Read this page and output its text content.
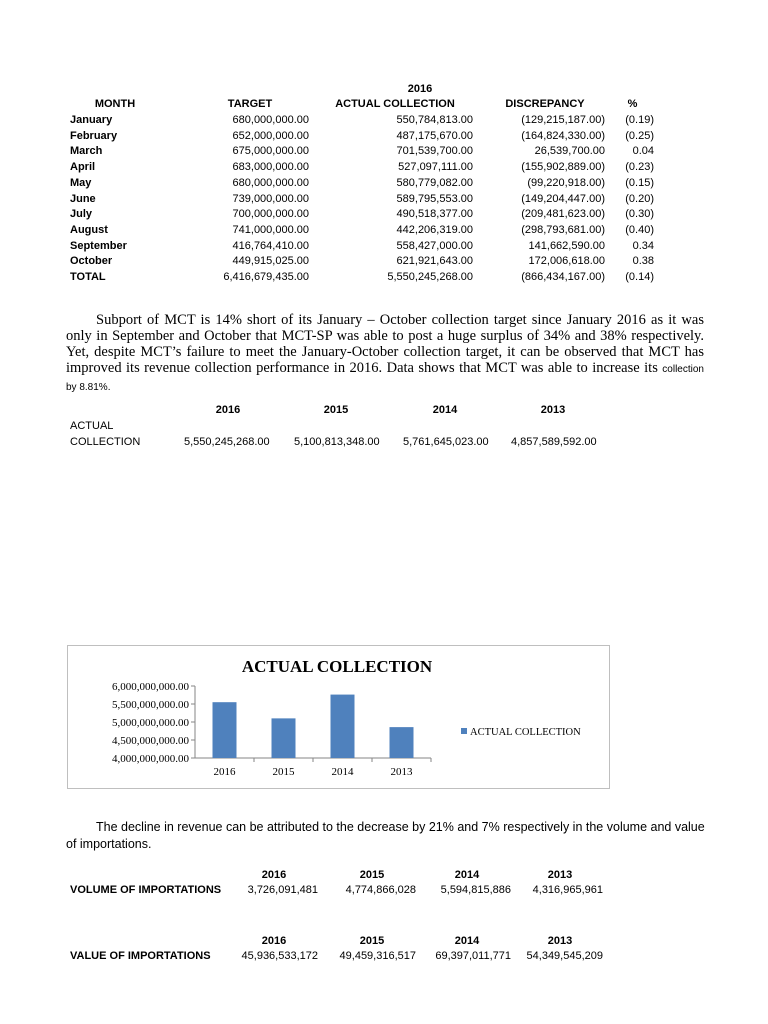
2016
MONTH	TARGET	ACTUAL COLLECTION	DISCREPANCY	%
January	680,000,000.00	550,784,813.00	(129,215,187.00)	(0.19)
February	652,000,000.00	487,175,670.00	(164,824,330.00)	(0.25)
March	675,000,000.00	701,539,700.00	26,539,700.00	0.04
April	683,000,000.00	527,097,111.00	(155,902,889.00)	(0.23)
May	680,000,000.00	580,779,082.00	(99,220,918.00)	(0.15)
June	739,000,000.00	589,795,553.00	(149,204,447.00)	(0.20)
July	700,000,000.00	490,518,377.00	(209,481,623.00)	(0.30)
August	741,000,000.00	442,206,319.00	(298,793,681.00)	(0.40)
September	416,764,410.00	558,427,000.00	141,662,590.00	0.34
October	449,915,025.00	621,921,643.00	172,006,618.00	0.38
TOTAL	6,416,679,435.00	5,550,245,268.00	(866,434,167.00)	(0.14)
Subport of MCT is 14% short of its January – October collection target since January 2016 as it was only in September and October that MCT-SP was able to post a huge surplus of 34% and 38% respectively. Yet, despite MCT’s failure to meet the January-October collection target, it can be observed that MCT has improved its revenue collection performance in 2016. Data shows that MCT was able to increase its collection by 8.81%.
2016	2015	2014	2013
ACTUAL
COLLECTION	5,550,245,268.00 5,100,813,348.00 5,761,645,023.00 4,857,589,592.00
ACTUAL COLLECTION
6,000,000,000.00
5,500,000,000.00
5,000,000,000.00
4,500,000,000.00
4,000,000,000.00
2016	2015	2014	2013
ACTUAL COLLECTION
The decline in revenue can be attributed to the decrease by 21% and 7% respectively in the volume and value of importations.
2016	2015	2014	2013
VOLUME OF IMPORTATIONS	3,726,091,481	4,774,866,028	5,594,815,886	4,316,965,961
2016	2015	2014	2013
VALUE OF IMPORTATIONS	45,936,533,172	49,459,316,517	69,397,011,771	54,349,545,209
